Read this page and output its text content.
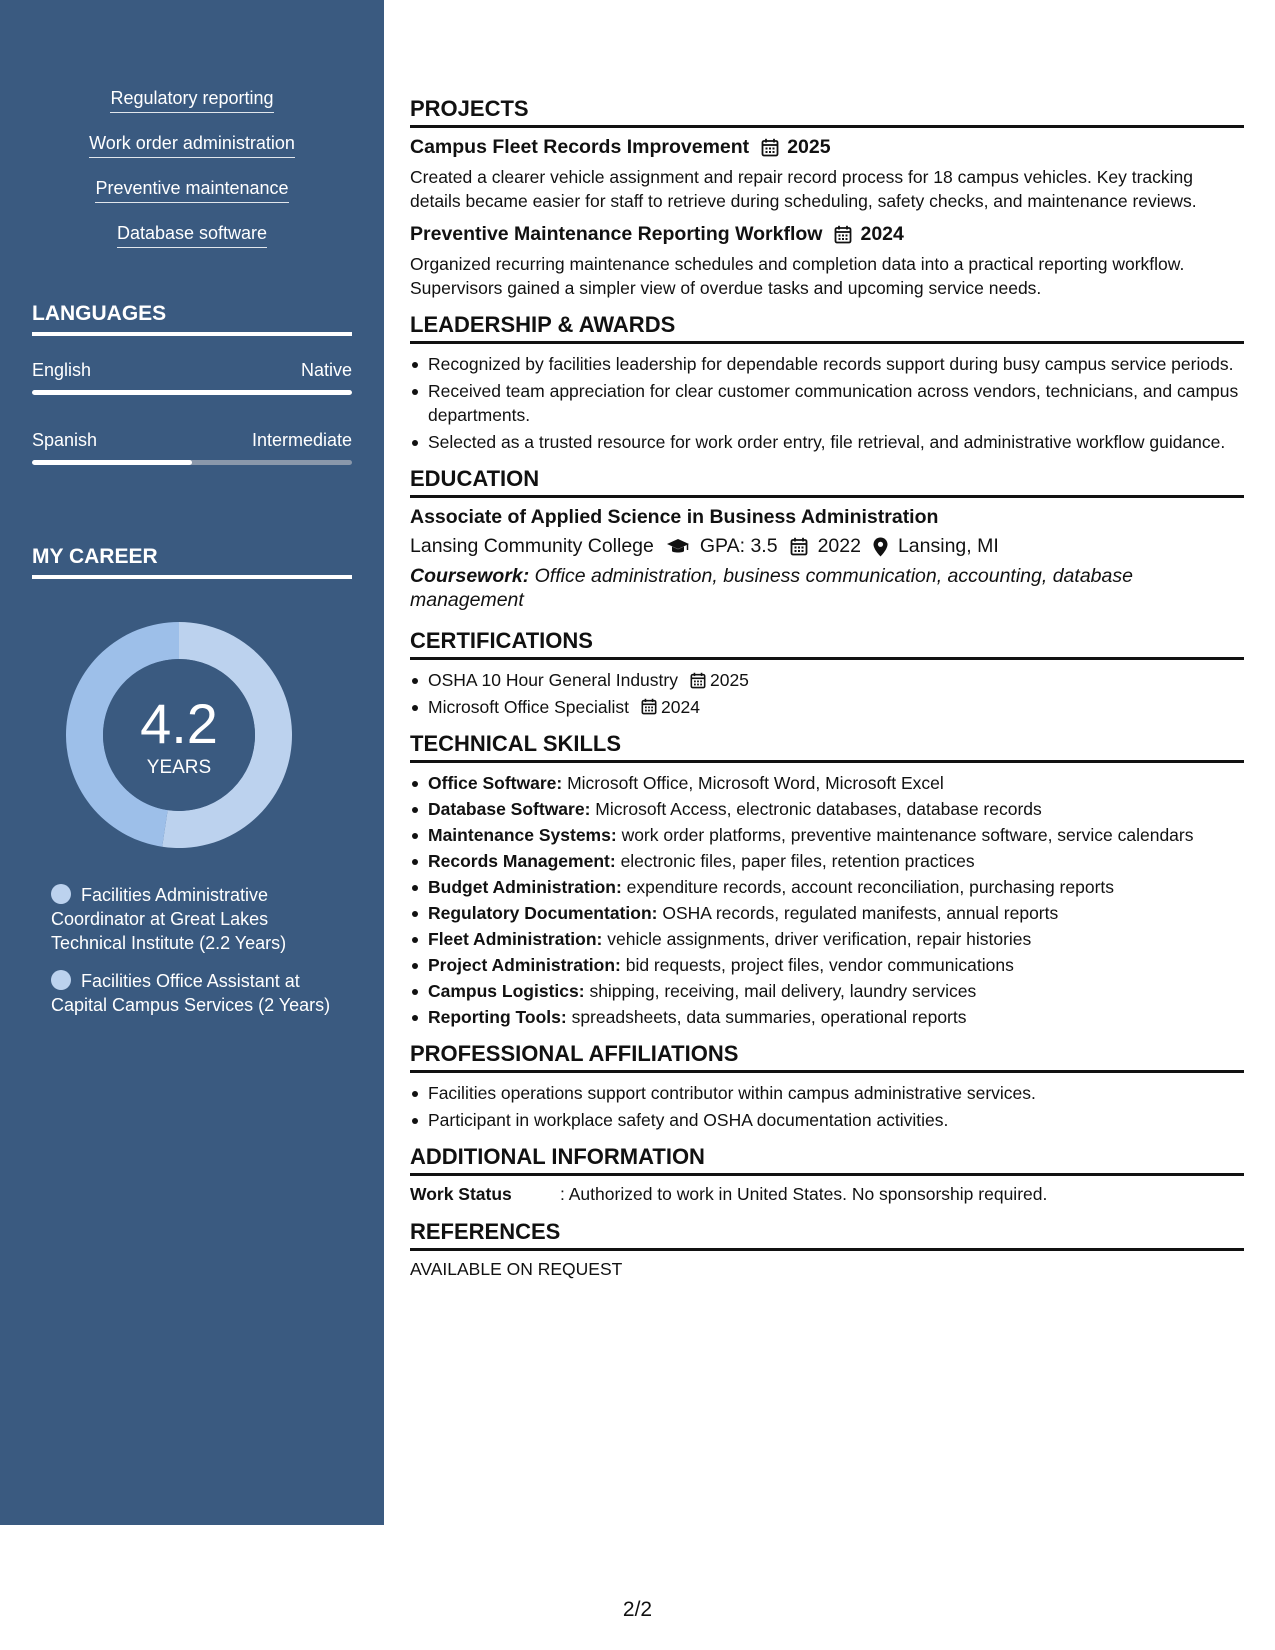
Regulatory reporting
Work order administration
Preventive maintenance
Database software
LANGUAGES
English	Native
Spanish	Intermediate
MY CAREER
4.2
YEARS
Facilities Administrative Coordinator at Great Lakes Technical Institute (2.2 Years)
Facilities Office Assistant at Capital Campus Services (2 Years)
PROJECTS
Campus Fleet Records Improvement 2025
Created a clearer vehicle assignment and repair record process for 18 campus vehicles. Key tracking details became easier for staff to retrieve during scheduling, safety checks, and maintenance reviews.
Preventive Maintenance Reporting Workflow 2024
Organized recurring maintenance schedules and completion data into a practical reporting workflow. Supervisors gained a simpler view of overdue tasks and upcoming service needs.
LEADERSHIP & AWARDS
Recognized by facilities leadership for dependable records support during busy campus service periods.
Received team appreciation for clear customer communication across vendors, technicians, and campus departments.
Selected as a trusted resource for work order entry, file retrieval, and administrative workflow guidance.
EDUCATION
Associate of Applied Science in Business Administration
Lansing Community College GPA: 3.5 2022 Lansing, MI
Coursework: Office administration, business communication, accounting, database management
CERTIFICATIONS
OSHA 10 Hour General Industry 2025
Microsoft Office Specialist 2024
TECHNICAL SKILLS
Office Software: Microsoft Office, Microsoft Word, Microsoft Excel
Database Software: Microsoft Access, electronic databases, database records
Maintenance Systems: work order platforms, preventive maintenance software, service calendars
Records Management: electronic files, paper files, retention practices
Budget Administration: expenditure records, account reconciliation, purchasing reports
Regulatory Documentation: OSHA records, regulated manifests, annual reports
Fleet Administration: vehicle assignments, driver verification, repair histories
Project Administration: bid requests, project files, vendor communications
Campus Logistics: shipping, receiving, mail delivery, laundry services
Reporting Tools: spreadsheets, data summaries, operational reports
PROFESSIONAL AFFILIATIONS
Facilities operations support contributor within campus administrative services.
Participant in workplace safety and OSHA documentation activities.
ADDITIONAL INFORMATION
Work Status	: Authorized to work in United States. No sponsorship required.
REFERENCES
AVAILABLE ON REQUEST
2/2
